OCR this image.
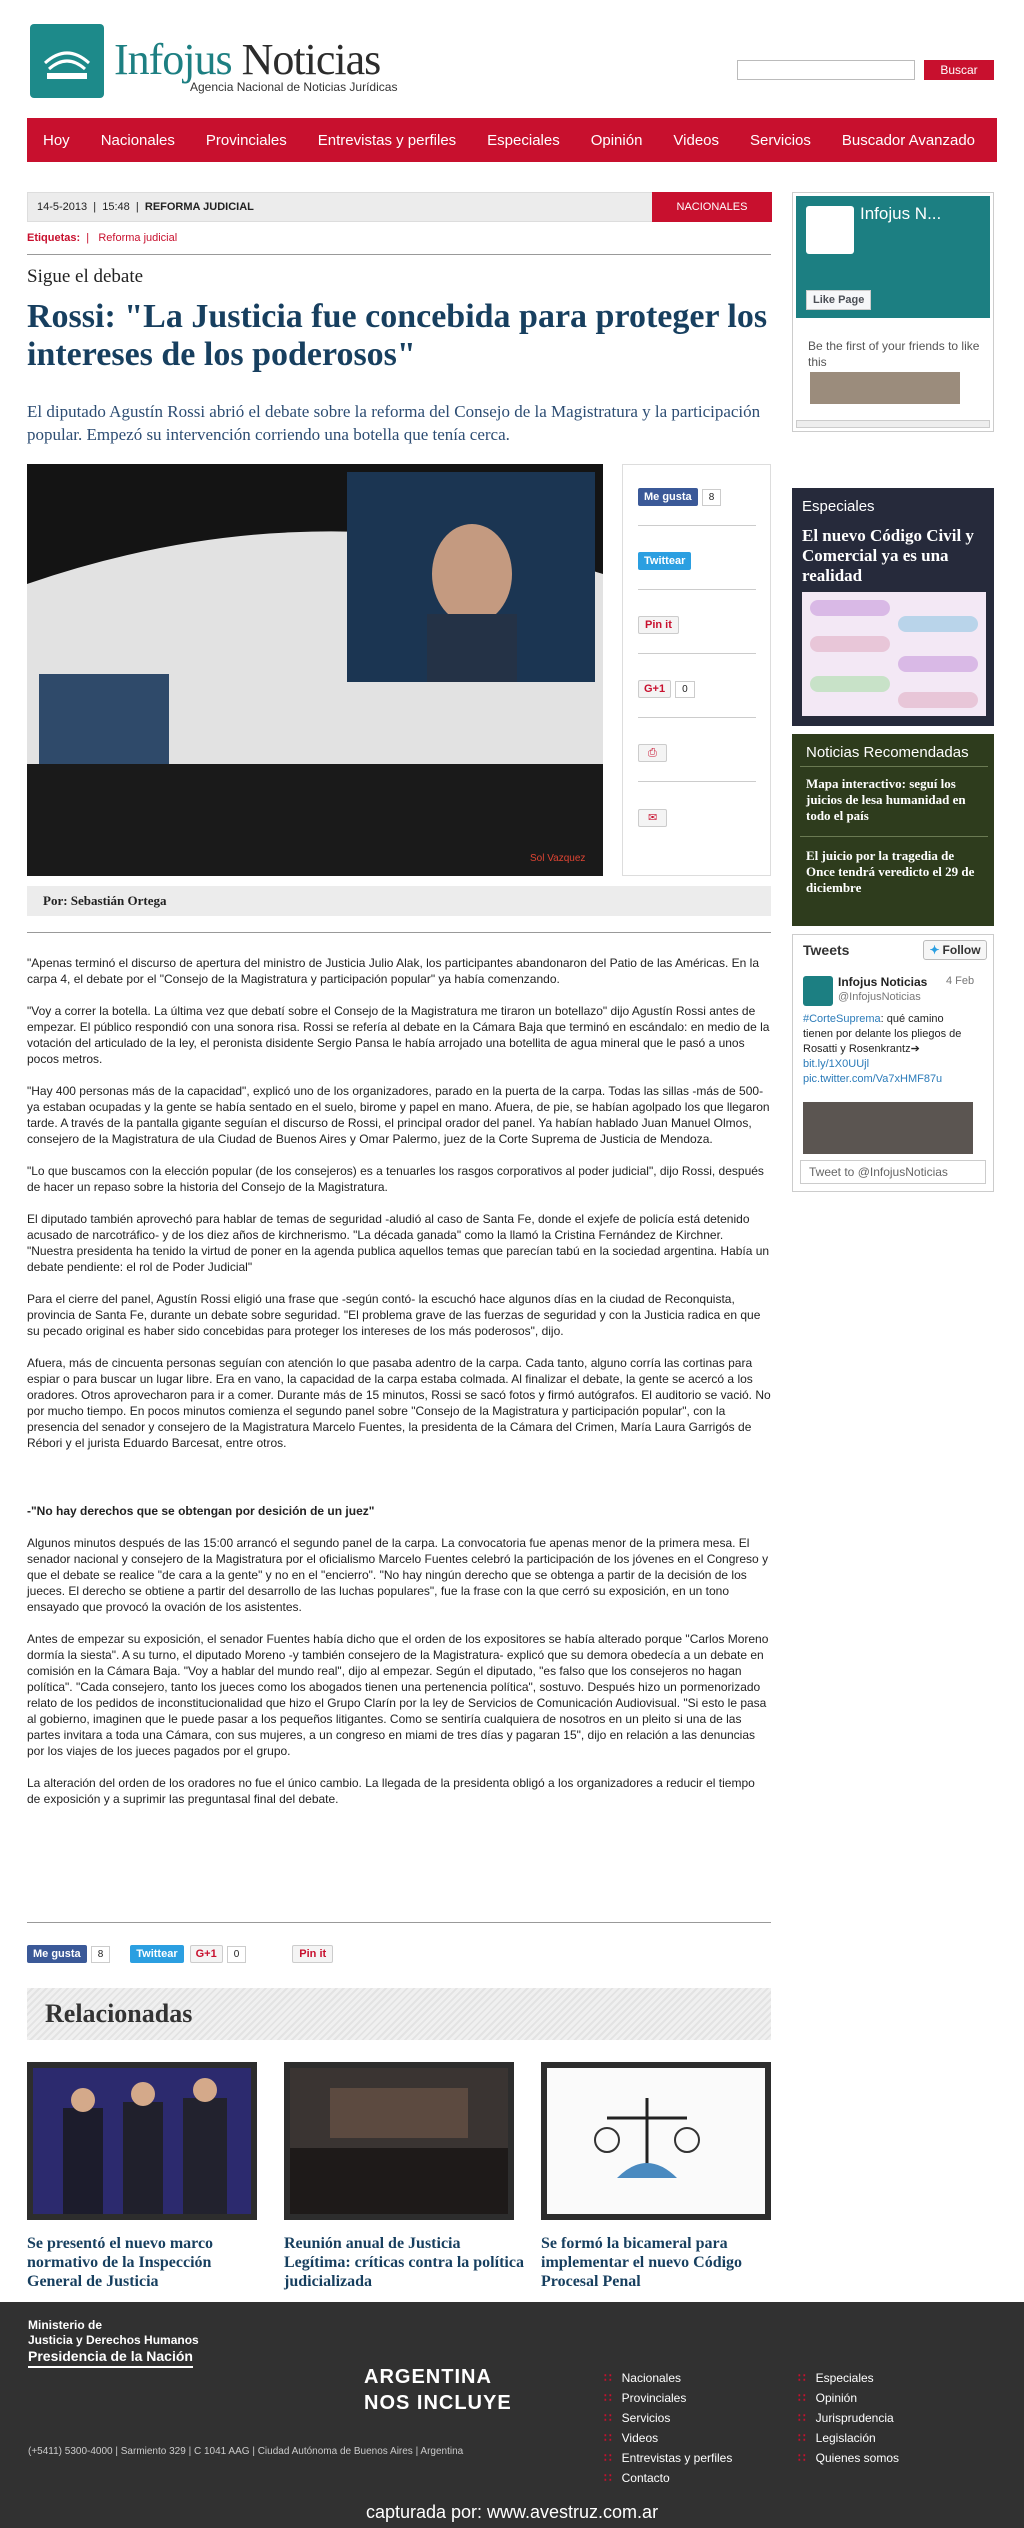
Infojus Noticias
Agencia Nacional de Noticias Jurídicas
Buscar
Hoy Nacionales Provinciales Entrevistas y perfiles Especiales Opinión Videos Servicios Buscador Avanzado
14-5-2013 | 15:48 | REFORMA JUDICIAL	NACIONALES
Etiquetas:  |   Reforma judicial
Sigue el debate
Rossi: "La Justicia fue concebida para proteger los intereses de los poderosos"
El diputado Agustín Rossi abrió el debate sobre la reforma del Consejo de la Magistratura y la participación popular. Empezó su intervención corriendo una botella que tenía cerca.
Sol Vazquez
Me gusta 8
Twittear
Pin it
G+1 0
⎙
✉
Por: Sebastián Ortega

"Apenas terminó el discurso de apertura del ministro de Justicia Julio Alak, los participantes abandonaron del Patio de las Américas. En la carpa 4, el debate por el "Consejo de la Magistratura y participación popular" ya había comenzando.

"Voy a correr la botella. La última vez que debatí sobre el Consejo de la Magistratura me tiraron un botellazo" dijo Agustín Rossi antes de empezar. El público respondió con una sonora risa. Rossi se refería al debate en la Cámara Baja que terminó en escándalo: en medio de la votación del articulado de la ley, el peronista disidente Sergio Pansa le había arrojado una botellita de agua mineral que le pasó a unos pocos metros.

"Hay 400 personas más de la capacidad", explicó uno de los organizadores, parado en la puerta de la carpa. Todas las sillas -más de 500- ya estaban ocupadas y la gente se había sentado en el suelo, birome y papel en mano. Afuera, de pie, se habían agolpado los que llegaron tarde. A través de la pantalla gigante seguían el discurso de Rossi, el principal orador del panel. Ya habían hablado Juan Manuel Olmos, consejero de la Magistratura de ula Ciudad de Buenos Aires y Omar Palermo, juez de la Corte Suprema de Justicia de Mendoza.

"Lo que buscamos con la elección popular (de los consejeros) es a tenuarles los rasgos corporativos al poder judicial", dijo Rossi, después de hacer un repaso sobre la historia del Consejo de la Magistratura.

El diputado también aprovechó para hablar de temas de seguridad -aludió al caso de Santa Fe, donde el exjefe de policía está detenido acusado de narcotráfico- y de los diez años de kirchnerismo. "La década ganada" como la llamó la Cristina Fernández de Kirchner. "Nuestra presidenta ha tenido la virtud de poner en la agenda publica aquellos temas que parecían tabú en la sociedad argentina. Había un debate pendiente: el rol de Poder Judicial"

Para el cierre del panel, Agustín Rossi eligió una frase que -según contó- la escuchó hace algunos días en la ciudad de Reconquista, provincia de Santa Fe, durante un debate sobre seguridad. "El problema grave de las fuerzas de seguridad y con la Justicia radica en que su pecado original es haber sido concebidas para proteger los intereses de los más poderosos", dijo.

Afuera, más de cincuenta personas seguían con atención lo que pasaba adentro de la carpa. Cada tanto, alguno corría las cortinas para espiar o para buscar un lugar libre. Era en vano, la capacidad de la carpa estaba colmada. Al finalizar el debate, la gente se acercó a los oradores. Otros aprovecharon para ir a comer. Durante más de 15 minutos, Rossi se sacó fotos y firmó autógrafos. El auditorio se vació. No por mucho tiempo. En pocos minutos comienza el segundo panel sobre "Consejo de la Magistratura y participación popular", con la presencia del senador y consejero de la Magistratura Marcelo Fuentes, la presidenta de la Cámara del Crimen, María Laura Garrigós de Rébori y el jurista Eduardo Barcesat, entre otros.

-"No hay derechos que se obtengan por desición de un juez"

Algunos minutos después de las 15:00 arrancó el segundo panel de la carpa. La convocatoria fue apenas menor de la primera mesa. El senador nacional y consejero de la Magistratura por el oficialismo Marcelo Fuentes celebró la participación de los jóvenes en el Congreso y que el debate se realice "de cara a la gente" y no en el "encierro". "No hay ningún derecho que se obtenga a partir de la decisión de los jueces. El derecho se obtiene a partir del desarrollo de las luchas populares", fue la frase con la que cerró su exposición, en un tono ensayado que provocó la ovación de los asistentes.

Antes de empezar su exposición, el senador Fuentes había dicho que el orden de los expositores se había alterado porque "Carlos Moreno dormía la siesta". A su turno, el diputado Moreno -y también consejero de la Magistratura- explicó que su demora obedecía a un debate en comisión en la Cámara Baja. "Voy a hablar del mundo real", dijo al empezar. Según el diputado, "es falso que los consejeros no hagan política". "Cada consejero, tanto los jueces como los abogados tienen una pertenencia política", sostuvo. Después hizo un pormenorizado relato de los pedidos de inconstitucionalidad que hizo el Grupo Clarín por la ley de Servicios de Comunicación Audiovisual. "Si esto le pasa al gobierno, imaginen que le puede pasar a los pequeños litigantes. Como se sentiría cualquiera de nosotros en un pleito si una de las partes invitara a toda una Cámara, con sus mujeres, a un congreso en miami de tres días y pagaran 15", dijo en relación a las denuncias por los viajes de los jueces pagados por el grupo.

La alteración del orden de los oradores no fue el único cambio. La llegada de la presidenta obligó a los organizadores a reducir el tiempo de exposición y a suprimir las preguntasal final del debate.

Me gusta	8	Twittear	G+1	0	Pin it
Relacionadas
Se presentó el nuevo marco normativo de la Inspección General de Justicia
Reunión anual de Justicia Legítima: críticas contra la política judicializada
Se formó la bicameral para implementar el nuevo Código Procesal Penal
Infojus N...
Like Page
Be the first of your friends to like this
Especiales
El nuevo Código Civil y Comercial ya es una realidad
Noticias Recomendadas
Mapa interactivo: seguí los juicios de lesa humanidad en todo el país
El juicio por la tragedia de Once tendrá veredicto el 29 de diciembre
Tweets	✦ Follow
Infojus Noticias 4 Feb
@InfojusNoticias
#CorteSuprema: qué camino tienen por delante los pliegos de Rosatti y Rosenkrantz➔ bit.ly/1X0UUjl pic.twitter.com/Va7xHMF87u
Tweet to @InfojusNoticias
Ministerio de
Justicia y Derechos Humanos
Presidencia de la Nación
ARGENTINA
NOS INCLUYE
(+5411) 5300-4000 | Sarmiento 329 | C 1041 AAG | Ciudad Autónoma de Buenos Aires | Argentina
∷ Nacionales
∷ Provinciales
∷ Servicios
∷ Videos
∷ Entrevistas y perfiles
∷ Contacto
∷ Especiales
∷ Opinión
∷ Jurisprudencia
∷ Legislación
∷ Quienes somos
capturada por: www.avestruz.com.ar
